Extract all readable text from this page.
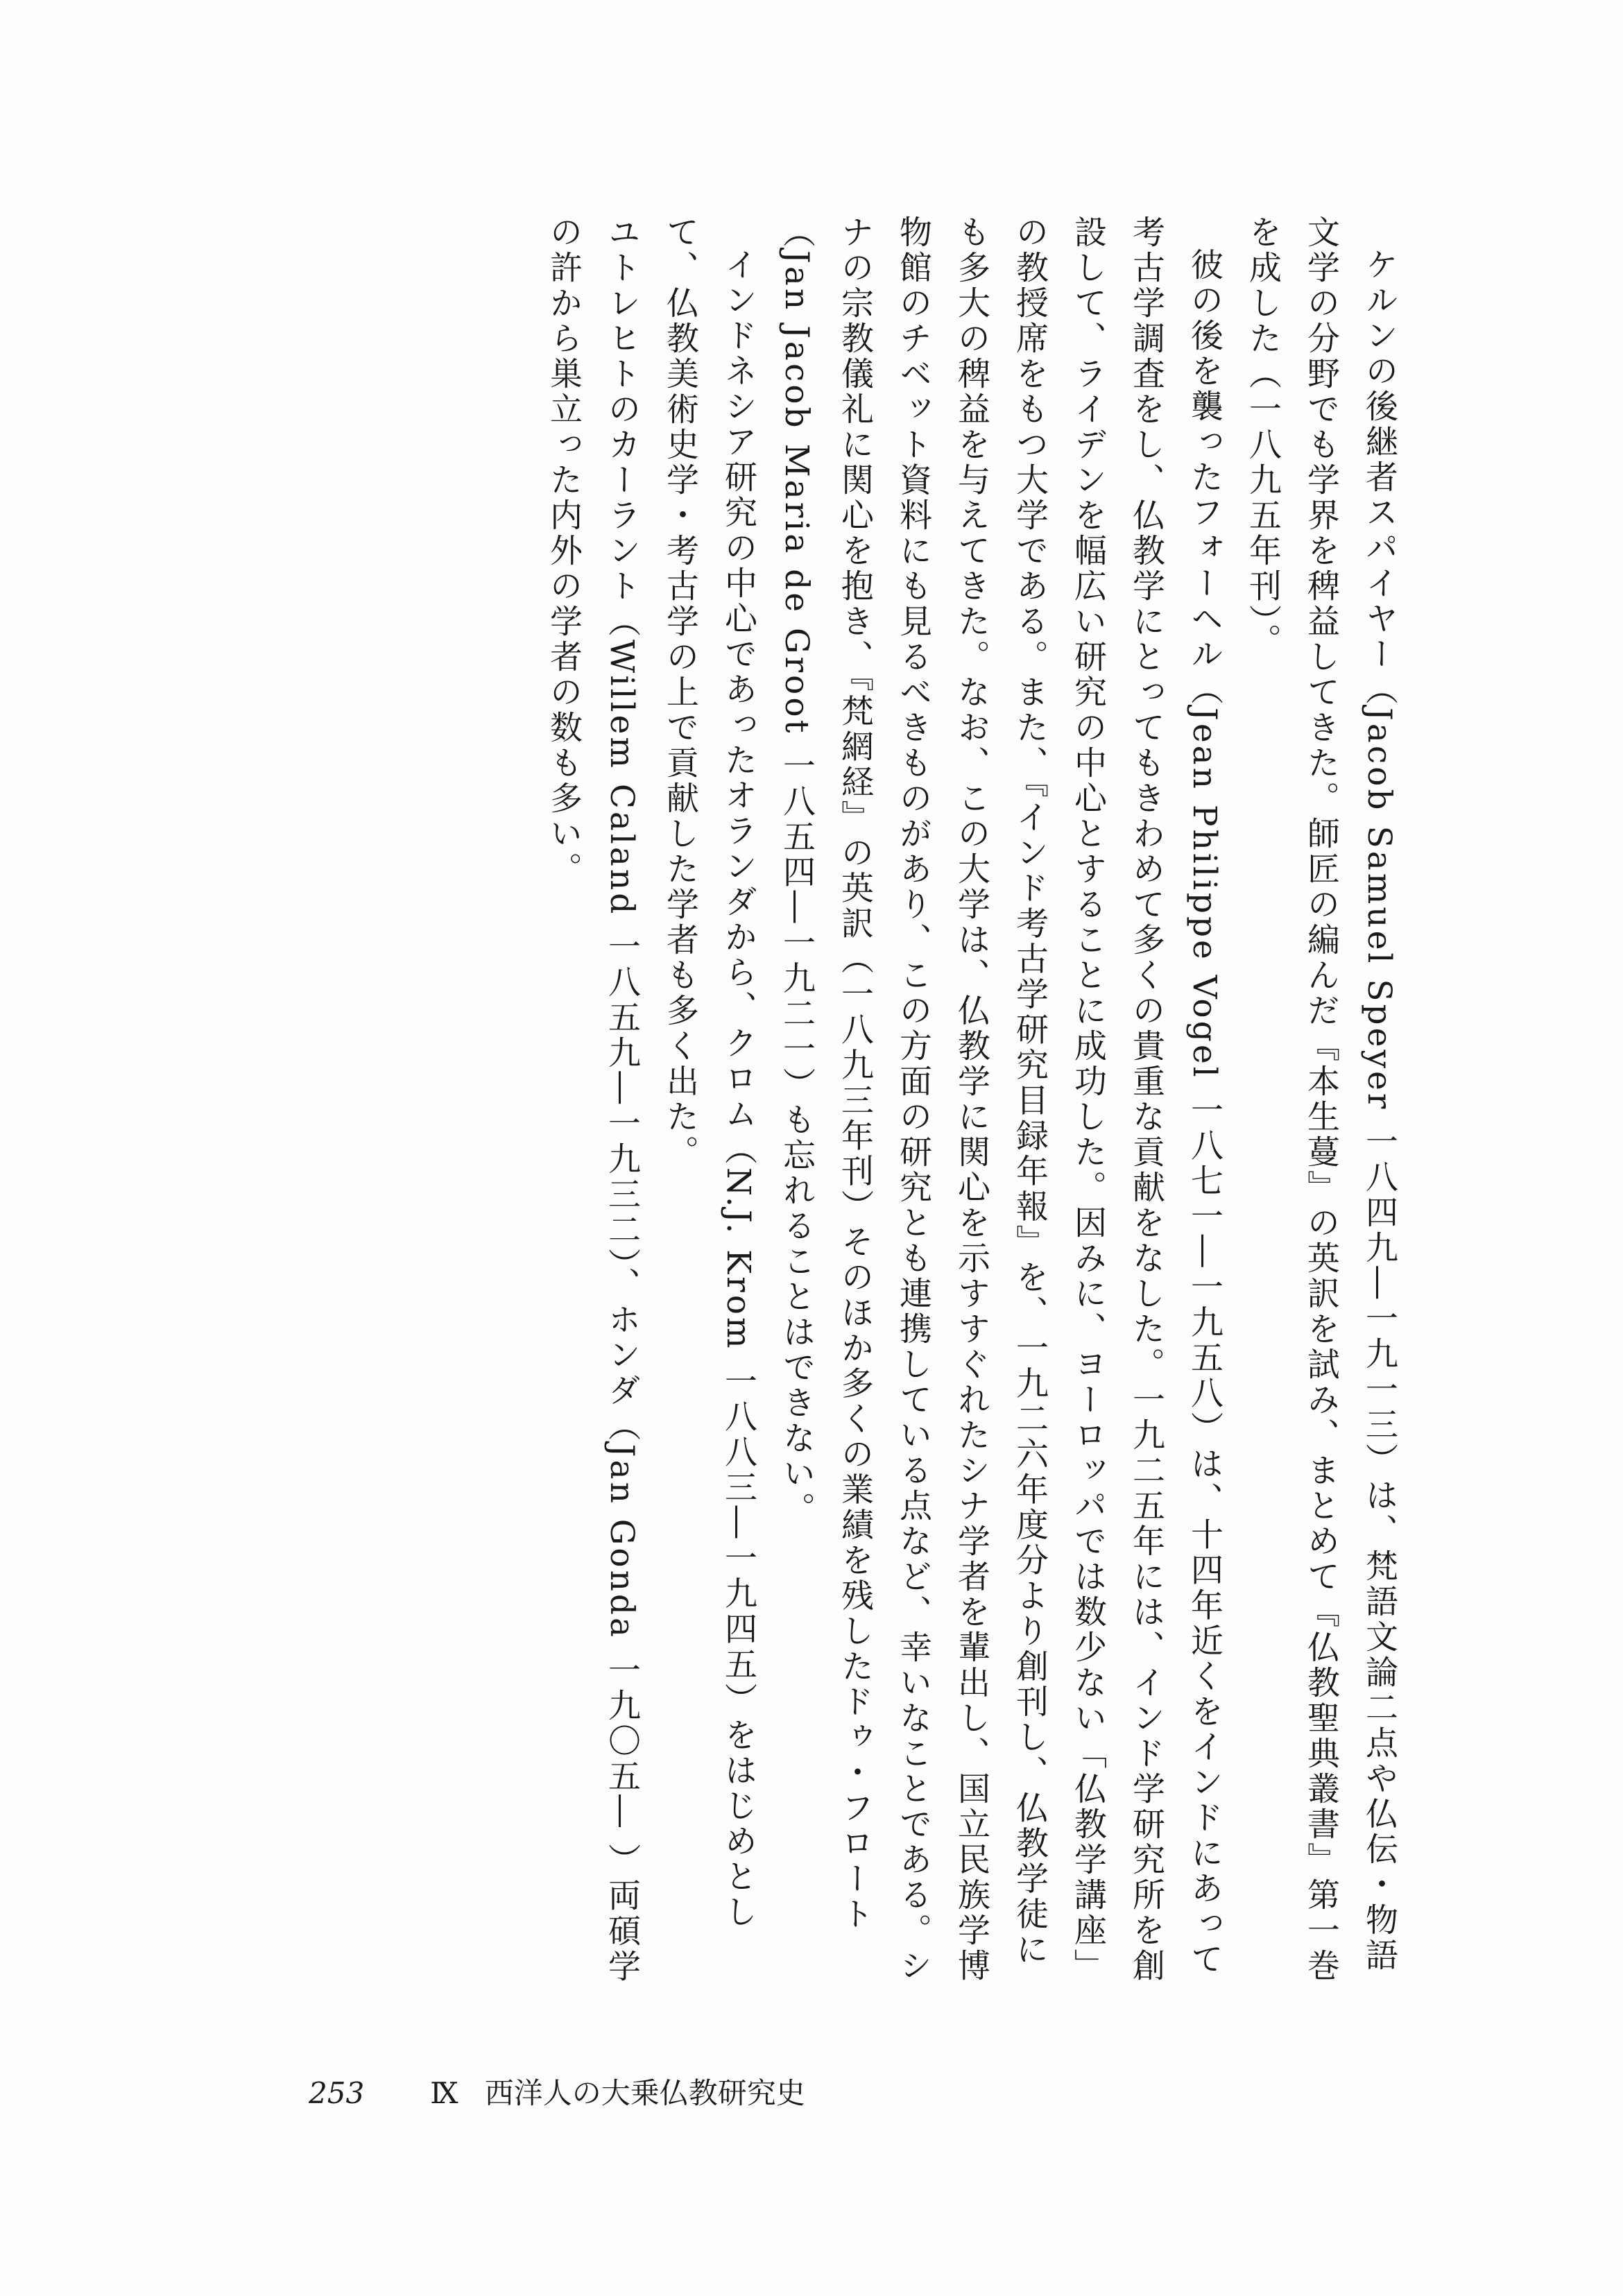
ケルンの後継者スパイヤー（Jacob Samuel Speyer 一八四九―一九一三）は、梵語文論二点や仏伝・物語文学の分野でも学界を稗益してきた。師匠の編んだ『本生蔓』の英訳を試み、まとめて『仏教聖典叢書』第一巻を成した（一八九五年刊）。

彼の後を襲ったフォーヘル（Jean Philippe Vogel 一八七一―一九五八）は、十四年近くをインドにあって考古学調査をし、仏教学にとってもきわめて多くの貴重な貢献をなした。一九二五年には、インド学研究所を創設して、ライデンを幅広い研究の中心とすることに成功した。因みに、ヨーロッパでは数少ない「仏教学講座」の教授席をもつ大学である。また、『インド考古学研究目録年報』を、一九二六年度分より創刊し、仏教学徒にも多大の稗益を与えてきた。なお、この大学は、仏教学に関心を示すすぐれたシナ学者を輩出し、国立民族学博物館のチベット資料にも見るべきものがあり、この方面の研究とも連携している点など、幸いなことである。シナの宗教儀礼に関心を抱き、『梵網経』の英訳（一八九三年刊）そのほか多くの業績を残したドゥ・フロート（Jan Jacob Maria de Groot 一八五四―一九二一）も忘れることはできない。

インドネシア研究の中心であったオランダから、クロム（N.J. Krom 一八八三―一九四五）をはじめとして、仏教美術史学・考古学の上で貢献した学者も多く出た。

ユトレヒトのカーラント（Willem Caland 一八五九―一九三二）、ホンダ（Jan Gonda 一九〇五― ）両碩学の許から巣立った内外の学者の数も多い。

253 Ⅸ 西洋人の大乗仏教研究史
